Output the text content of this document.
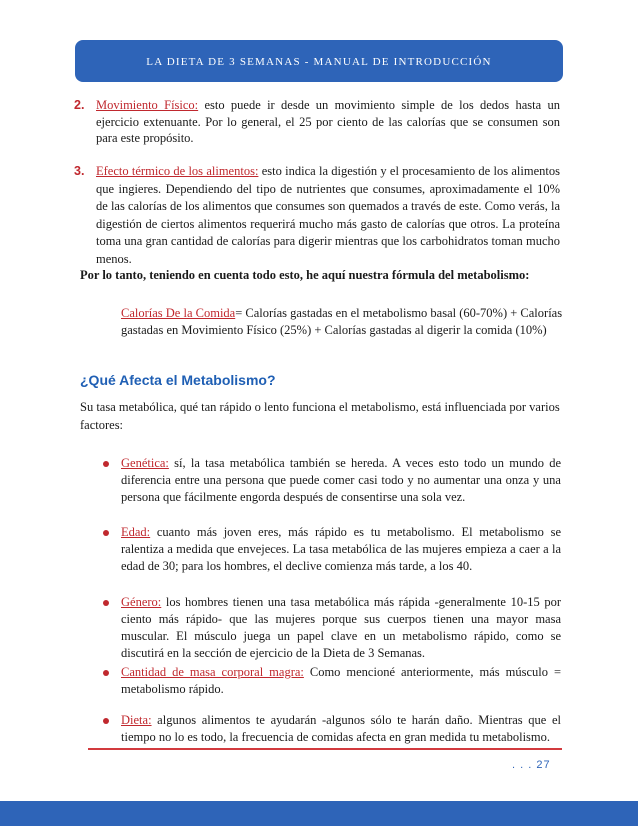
LA DIETA DE 3 SEMANAS - MANUAL DE INTRODUCCIÓN
2. Movimiento Físico: esto puede ir desde un movimiento simple de los dedos hasta un ejercicio extenuante. Por lo general, el 25 por ciento de las calorías que se consumen son para este propósito.
3. Efecto térmico de los alimentos: esto indica la digestión y el procesamiento de los alimentos que ingieres. Dependiendo del tipo de nutrientes que consumes, aproximadamente el 10% de las calorías de los alimentos que consumes son quemados a través de este. Como verás, la digestión de ciertos alimentos requerirá mucho más gasto de calorías que otros. La proteína toma una gran cantidad de calorías para digerir mientras que los carbohidratos toman mucho menos.
Por lo tanto, teniendo en cuenta todo esto, he aquí nuestra fórmula del metabolismo:
Calorías De la Comida= Calorías gastadas en el metabolismo basal (60-70%) + Calorías gastadas en Movimiento Físico (25%) + Calorías gastadas al digerir la comida (10%)
¿Qué Afecta el Metabolismo?
Su tasa metabólica, qué tan rápido o lento funciona el metabolismo, está influenciada por varios factores:
Genética: sí, la tasa metabólica también se hereda. A veces esto todo un mundo de diferencia entre una persona que puede comer casi todo y no aumentar una onza y una persona que fácilmente engorda después de consentirse una sola vez.
Edad: cuanto más joven eres, más rápido es tu metabolismo. El metabolismo se ralentiza a medida que envejeces. La tasa metabólica de las mujeres empieza a caer a la edad de 30; para los hombres, el declive comienza más tarde, a los 40.
Género: los hombres tienen una tasa metabólica más rápida -generalmente 10-15 por ciento más rápido- que las mujeres porque sus cuerpos tienen una mayor masa muscular. El músculo juega un papel clave en un metabolismo rápido, como se discutirá en la sección de ejercicio de la Dieta de 3 Semanas.
Cantidad de masa corporal magra: Como mencioné anteriormente, más músculo = metabolismo rápido.
Dieta: algunos alimentos te ayudarán -algunos sólo te harán daño. Mientras que el tiempo no lo es todo, la frecuencia de comidas afecta en gran medida tu metabolismo.
. . . 27
